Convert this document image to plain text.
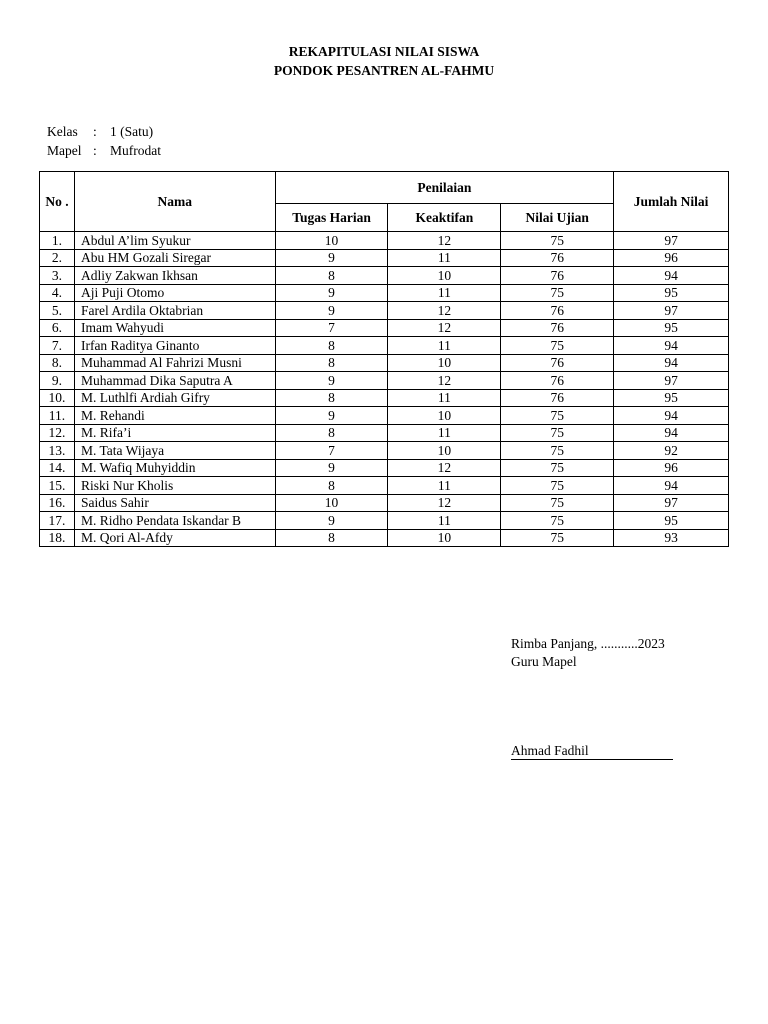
REKAPITULASI NILAI SISWA
PONDOK PESANTREN AL-FAHMU
Kelas : 1 (Satu)
Mapel : Mufrodat
No .	Nama	Penilaian			Jumlah Nilai
		Tugas Harian	Keaktifan	Nilai Ujian	
1.	Abdul A’lim Syukur	10	12	75	97
2.	Abu HM Gozali Siregar	9	11	76	96
3.	Adliy Zakwan Ikhsan	8	10	76	94
4.	Aji Puji Otomo	9	11	75	95
5.	Farel Ardila Oktabrian	9	12	76	97
6.	Imam Wahyudi	7	12	76	95
7.	Irfan Raditya Ginanto	8	11	75	94
8.	Muhammad Al Fahrizi Musni	8	10	76	94
9.	Muhammad Dika Saputra A	9	12	76	97
10.	M. Luthlfi Ardiah Gifry	8	11	76	95
11.	M. Rehandi	9	10	75	94
12.	M. Rifa’i	8	11	75	94
13.	M. Tata Wijaya	7	10	75	92
14.	M. Wafiq Muhyiddin	9	12	75	96
15.	Riski Nur Kholis	8	11	75	94
16.	Saidus Sahir	10	12	75	97
17.	M. Ridho Pendata Iskandar B	9	11	75	95
18.	M. Qori Al-Afdy	8	10	75	93
Rimba Panjang, ...........2023
Guru Mapel
Ahmad Fadhil
